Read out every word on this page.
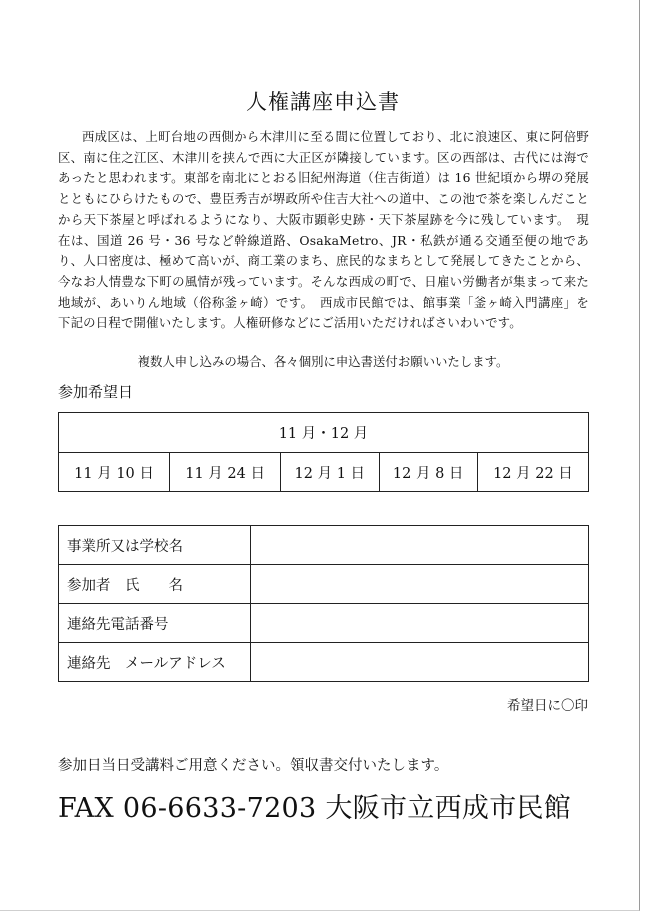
人権講座申込書

西成区は、上町台地の西側から木津川に至る間に位置しており、北に浪速区、東に阿倍野区、南に住之江区、木津川を挟んで西に大正区が隣接しています。区の西部は、古代には海であったと思われます。東部を南北にとおる旧紀州海道（住吉街道）は 16 世紀頃から堺の発展とともにひらけたもので、豊臣秀吉が堺政所や住吉大社への道中、この池で茶を楽しんだことから天下茶屋と呼ばれるようになり、大阪市顕彰史跡・天下茶屋跡を今に残しています。　現在は、国道 26 号・36 号など幹線道路、OsakaMetro、JR・私鉄が通る交通至便の地であり、人口密度は、極めて高いが、商工業のまち、庶民的なまちとして発展してきたことから、今なお人情豊な下町の風情が残っています。そんな西成の町で、日雇い労働者が集まって来た地域が、あいりん地域（俗称釜ヶ崎）です。　西成市民館では、館事業「釜ヶ崎入門講座」を下記の日程で開催いたします。人権研修などにご活用いただければさいわいです。

複数人申し込みの場合、各々個別に申込書送付お願いいたします。
参加希望日
11 月・12 月
11 月 10 日	11 月 24 日	12 月 1 日	12 月 8 日	12 月 22 日
事業所又は学校名	
参加者　氏　　名	
連絡先電話番号	
連絡先　メールアドレス	
希望日に〇印
参加日当日受講料ご用意ください。領収書交付いたします。
FAX 06-6633-7203 大阪市立西成市民館
